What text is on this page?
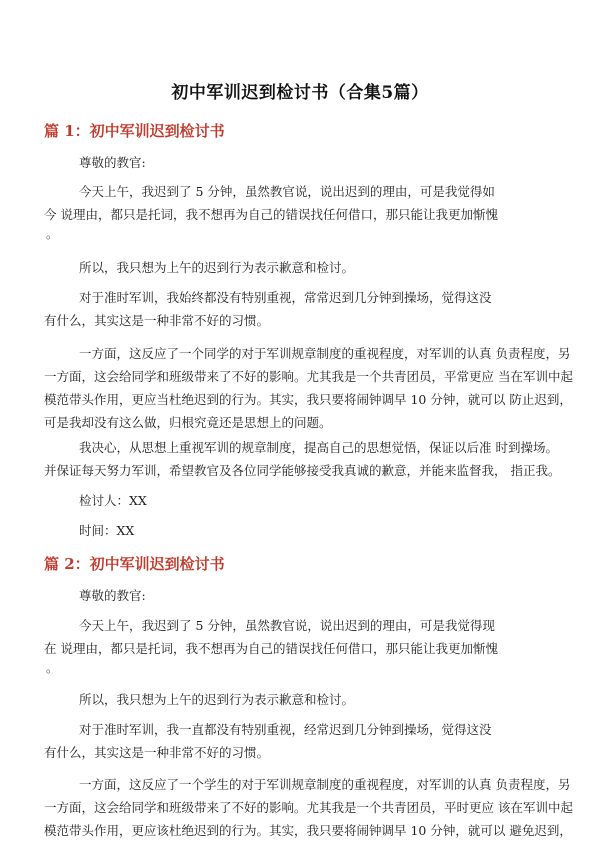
初中军训迟到检讨书（合集5篇）
篇 1：初中军训迟到检讨书
尊敬的教官:
今天上午，我迟到了 5 分钟，虽然教官说，说出迟到的理由，可是我觉得如
今 说理由，都只是托词，我不想再为自己的错误找任何借口，那只能让我更加惭愧
。
所以，我只想为上午的迟到行为表示歉意和检讨。
对于准时军训，我始终都没有特别重视，常常迟到几分钟到操场，觉得这没
有什么，其实这是一种非常不好的习惯。
一方面，这反应了一个同学的对于军训规章制度的重视程度，对军训的认真 负责程度，另
一方面，这会给同学和班级带来了不好的影响。尤其我是一个共青团员，平常更应 当在军训中起
模范带头作用，更应当杜绝迟到的行为。其实，我只要将闹钟调早 10 分钟，就可以 防止迟到，
可是我却没有这么做，归根究竟还是思想上的问题。
我决心，从思想上重视军训的规章制度，提高自己的思想觉悟，保证以后准 时到操场。
并保证每天努力军训，希望教官及各位同学能够接受我真诚的歉意，并能来监督我， 指正我。
检讨人：XX
时间：XX
篇 2：初中军训迟到检讨书
尊敬的教官:
今天上午，我迟到了 5 分钟，虽然教官说，说出迟到的理由，可是我觉得现
在 说理由，都只是托词，我不想再为自己的错误找任何借口，那只能让我更加惭愧
。
所以，我只想为上午的迟到行为表示歉意和检讨。
对于准时军训，我一直都没有特别重视，经常迟到几分钟到操场，觉得这没
有什么，其实这是一种非常不好的习惯。
一方面，这反应了一个学生的对于军训规章制度的重视程度，对军训的认真 负责程度，另
一方面，这会给同学和班级带来了不好的影响。尤其我是一个共青团员，平时更应 该在军训中起
模范带头作用，更应该杜绝迟到的行为。其实，我只要将闹钟调早 10 分钟，就可以 避免迟到，
